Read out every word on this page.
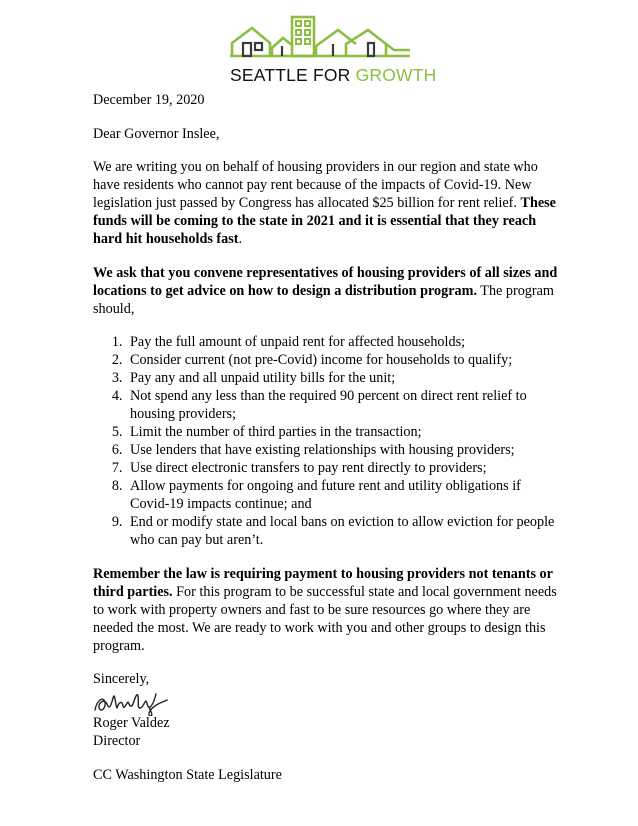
SEATTLE FOR GROWTH

December 19, 2020

Dear Governor Inslee,

We are writing you on behalf of housing providers in our region and state who have residents who cannot pay rent because of the impacts of Covid-19. New legislation just passed by Congress has allocated $25 billion for rent relief. These funds will be coming to the state in 2021 and it is essential that they reach hard hit households fast.

We ask that you convene representatives of housing providers of all sizes and locations to get advice on how to design a distribution program. The program should,

1. Pay the full amount of unpaid rent for affected households;
2. Consider current (not pre-Covid) income for households to qualify;
3. Pay any and all unpaid utility bills for the unit;
4. Not spend any less than the required 90 percent on direct rent relief to housing providers;
5. Limit the number of third parties in the transaction;
6. Use lenders that have existing relationships with housing providers;
7. Use direct electronic transfers to pay rent directly to providers;
8. Allow payments for ongoing and future rent and utility obligations if Covid-19 impacts continue; and
9. End or modify state and local bans on eviction to allow eviction for people who can pay but aren’t.

Remember the law is requiring payment to housing providers not tenants or third parties. For this program to be successful state and local government needs to work with property owners and fast to be sure resources go where they are needed the most. We are ready to work with you and other groups to design this program.

Sincerely,

Roger Valdez

Director

CC Washington State Legislature
